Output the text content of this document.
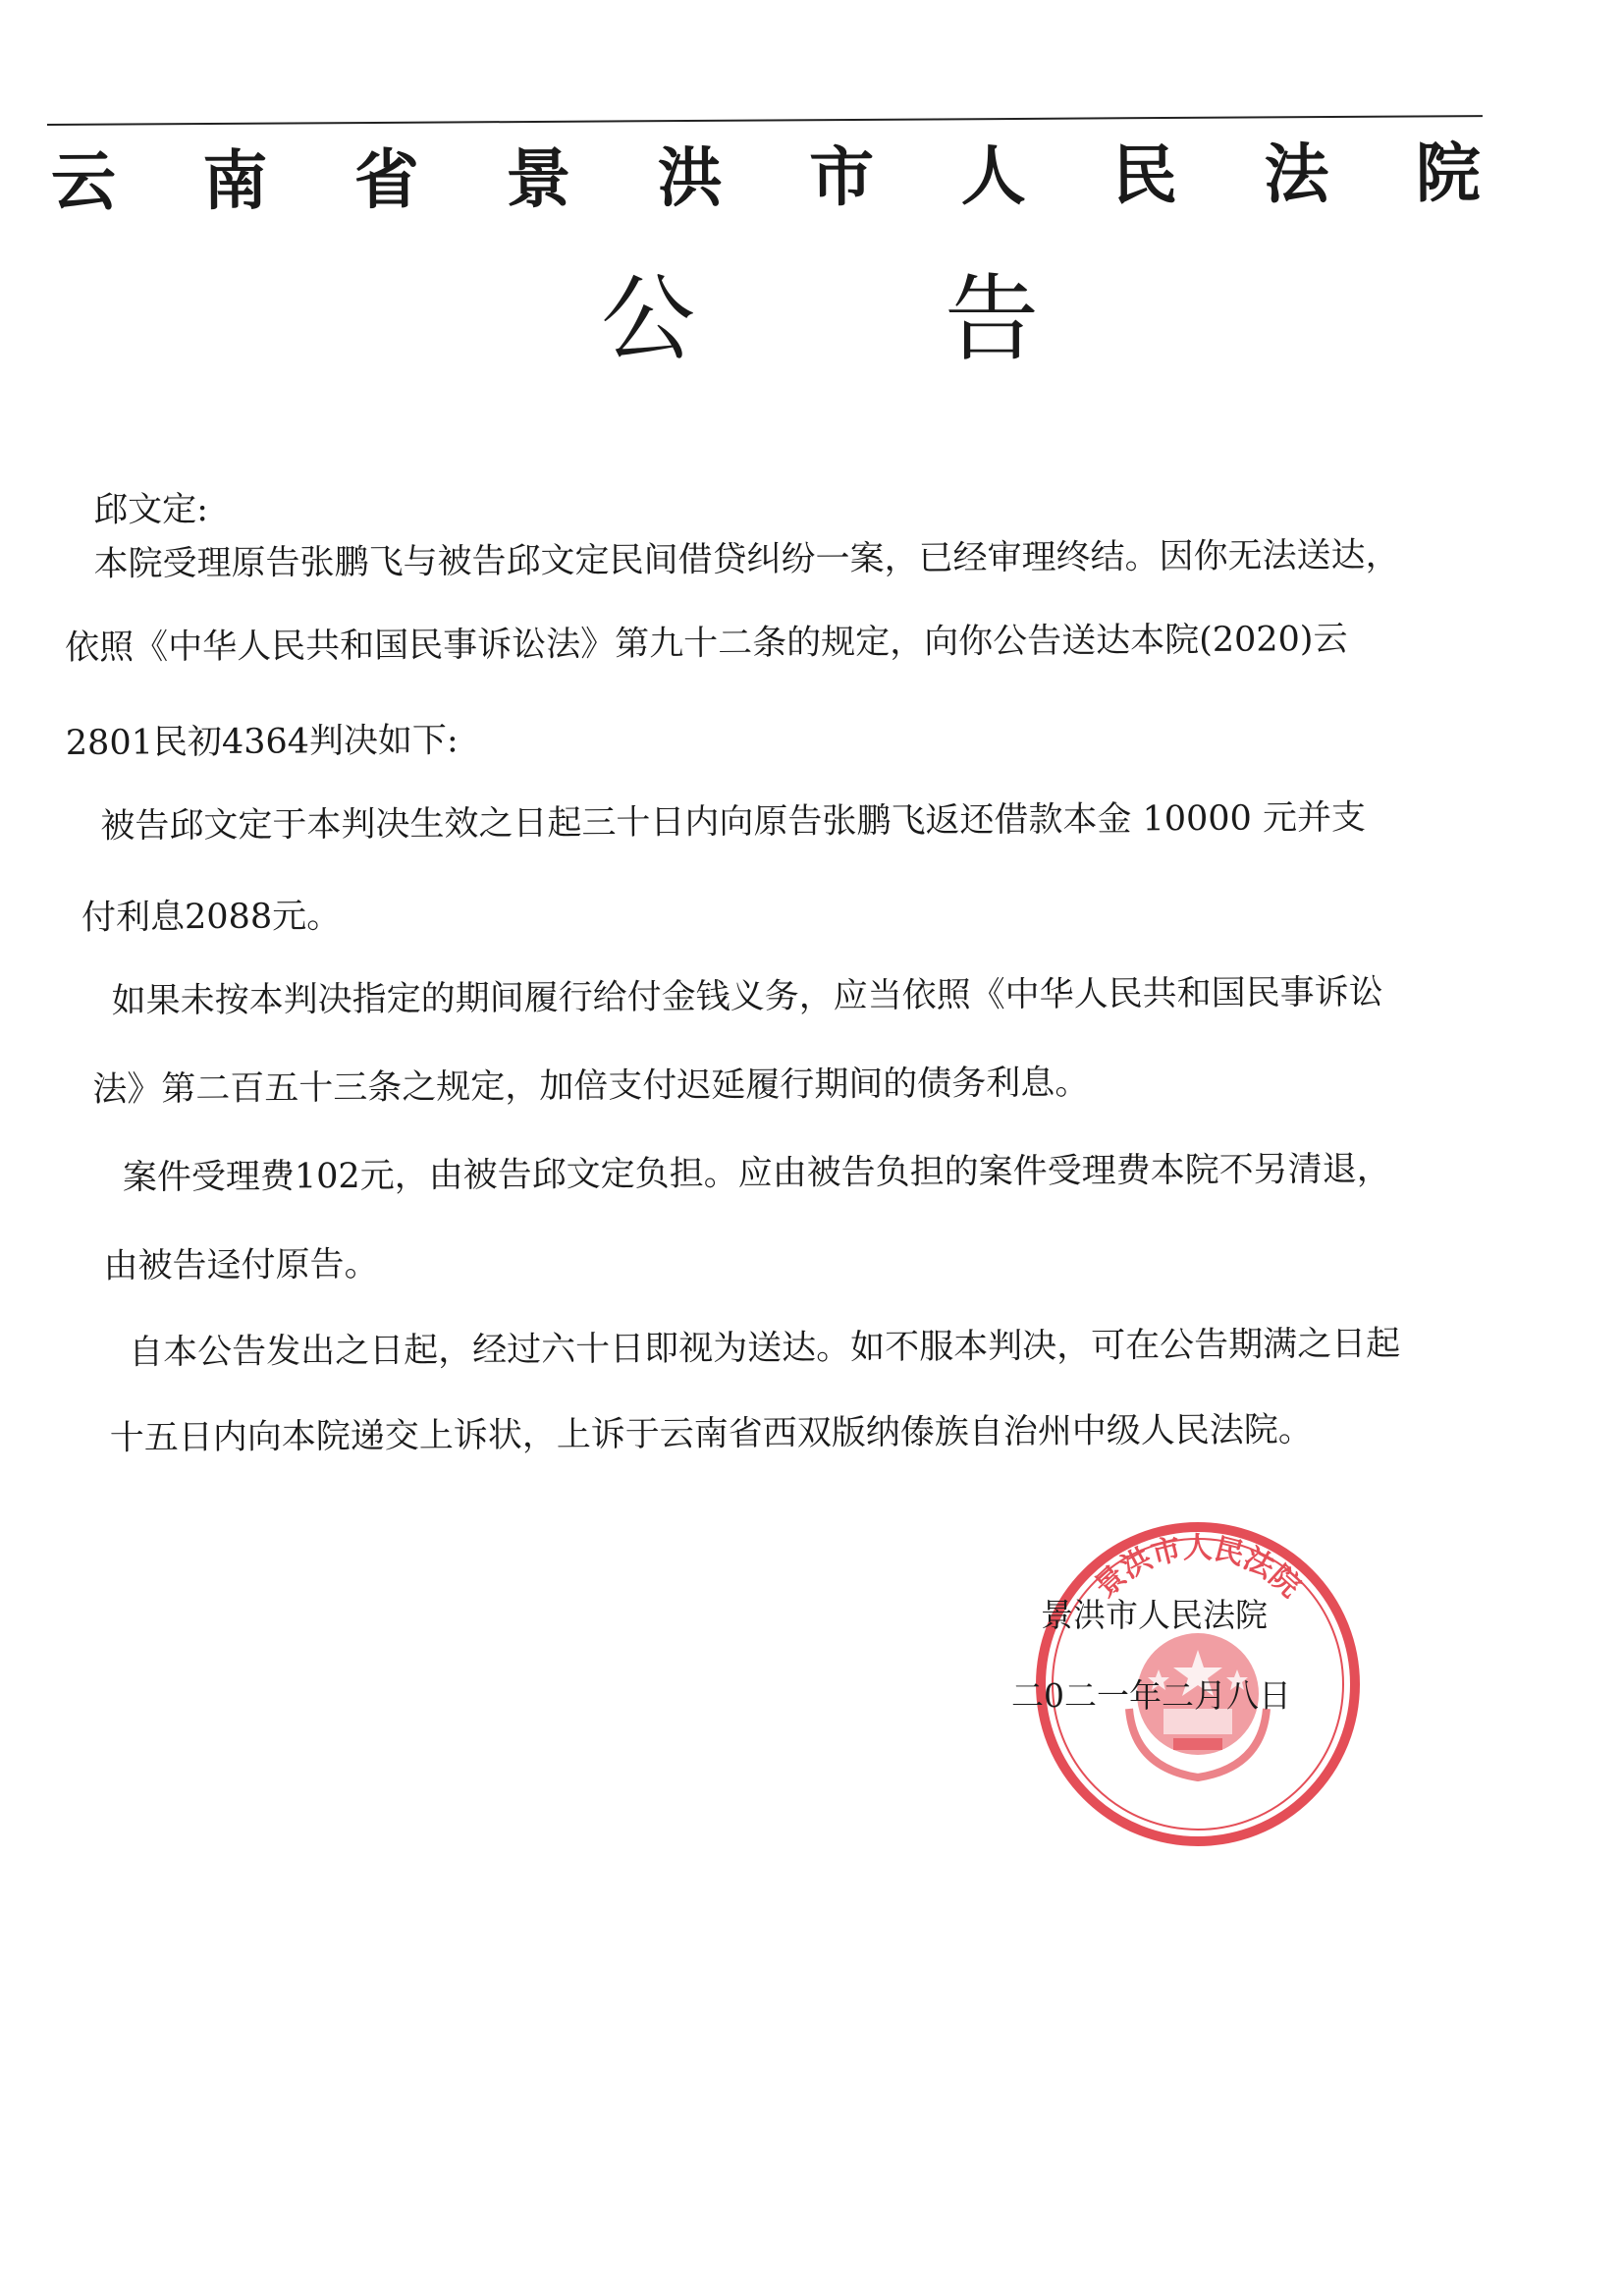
云 南 省 景 洪 市 人 民 法 院
公	告
邱文定:
本院受理原告张鹏飞与被告邱文定民间借贷纠纷一案，已经审理终结。因你无法送达，
依照《中华人民共和国民事诉讼法》第九十二条的规定，向你公告送达本院(2020)云
2801民初4364判决如下:
被告邱文定于本判决生效之日起三十日内向原告张鹏飞返还借款本金 10000 元并支
付利息2088元。
如果未按本判决指定的期间履行给付金钱义务，应当依照《中华人民共和国民事诉讼
法》第二百五十三条之规定，加倍支付迟延履行期间的债务利息。
案件受理费102元，由被告邱文定负担。应由被告负担的案件受理费本院不另清退，
由被告迳付原告。
自本公告发出之日起，经过六十日即视为送达。如不服本判决，可在公告期满之日起
十五日内向本院递交上诉状，上诉于云南省西双版纳傣族自治州中级人民法院。
景洪市人民法院
景洪市人民法院
二0二一年二月八日
